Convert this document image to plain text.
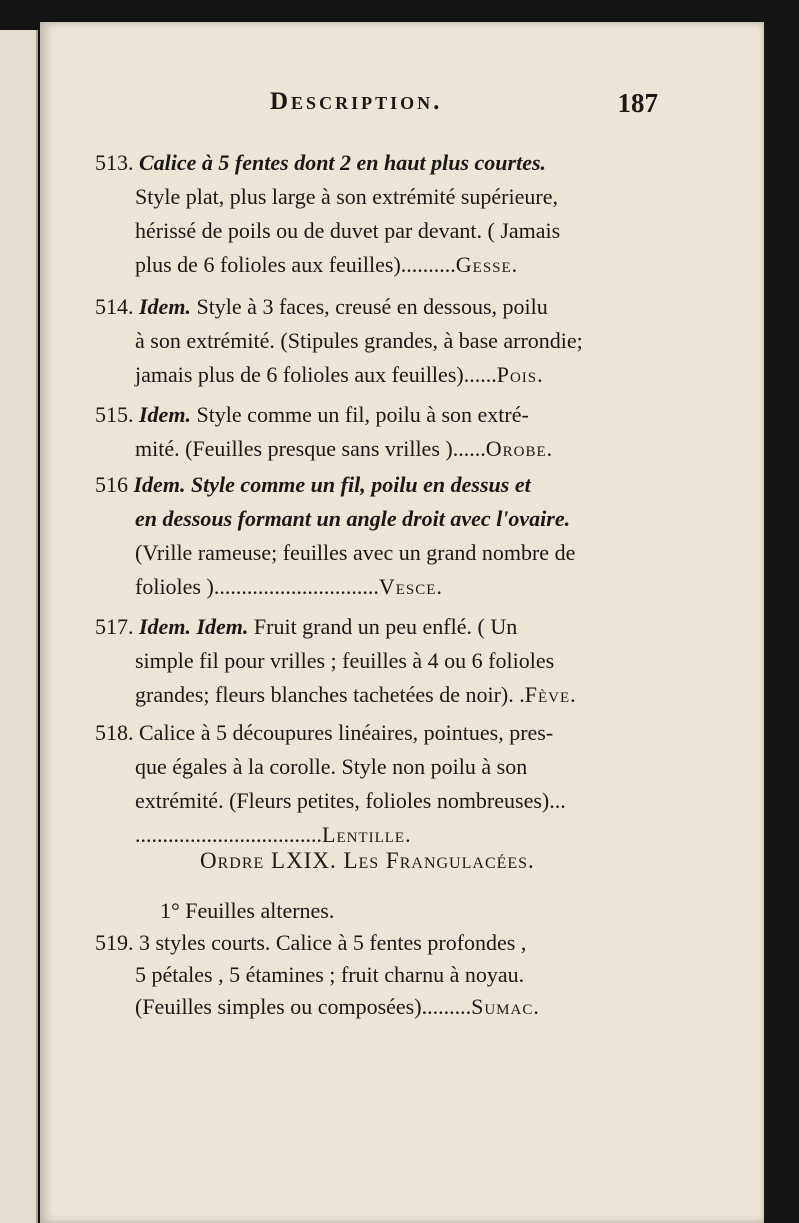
Description.	187
513. Calice à 5 fentes dont 2 en haut plus courtes.
Style plat, plus large à son extrémité supérieure,
hérissé de poils ou de duvet par devant. ( Jamais
plus de 6 folioles aux feuilles)..........Gesse.
514. Idem. Style à 3 faces, creusé en dessous, poilu
à son extrémité. (Stipules grandes, à base arrondie;
jamais plus de 6 folioles aux feuilles)......Pois.
515. Idem. Style comme un fil, poilu à son extré-
mité. (Feuilles presque sans vrilles )......Orobe.
516 Idem. Style comme un fil, poilu en dessus et
en dessous formant un angle droit avec l'ovaire.
(Vrille rameuse; feuilles avec un grand nombre de
folioles )..............................Vesce.
517. Idem. Idem. Fruit grand un peu enflé. ( Un
simple fil pour vrilles ; feuilles à 4 ou 6 folioles
grandes; fleurs blanches tachetées de noir). .Fève.
518. Calice à 5 découpures linéaires, pointues, pres-
que égales à la corolle. Style non poilu à son
extrémité. (Fleurs petites, folioles nombreuses)...
..................................Lentille.
Ordre LXIX. Les Frangulacées.
1° Feuilles alternes.
519. 3 styles courts. Calice à 5 fentes profondes ,
5 pétales , 5 étamines ; fruit charnu à noyau.
(Feuilles simples ou composées).........Sumac.
